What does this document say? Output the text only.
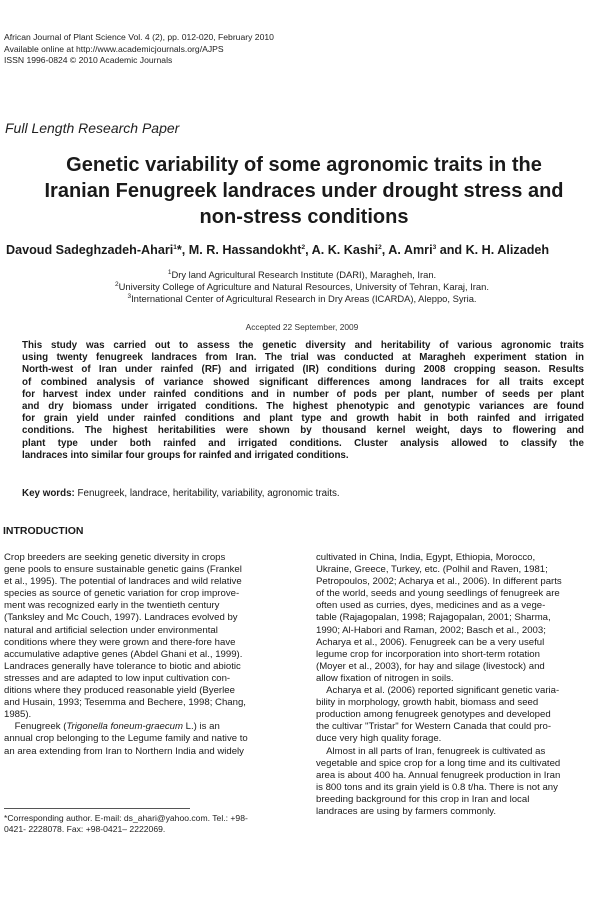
African Journal of Plant Science Vol. 4 (2), pp. 012-020, February 2010
Available online at http://www.academicjournals.org/AJPS
ISSN 1996-0824 © 2010 Academic Journals
Full Length Research Paper
Genetic variability of some agronomic traits in the
Iranian Fenugreek landraces under drought stress and
non-stress conditions
Davoud Sadeghzadeh-Ahari$^1$*, M. R. Hassandokht$^2$, A. K. Kashi$^2$, A. Amri$^3$ and K. H. Alizadeh
$^1$Dry land Agricultural Research Institute (DARI), Maragheh, Iran.
$^2$University College of Agriculture and Natural Resources, University of Tehran, Karaj, Iran.
$^3$International Center of Agricultural Research in Dry Areas (ICARDA), Aleppo, Syria.
Accepted 22 September, 2009
This study was carried out to assess the genetic diversity and heritability of various agronomic traits
using twenty fenugreek landraces from Iran. The trial was conducted at Maragheh experiment station in
North-west of Iran under rainfed (RF) and irrigated (IR) conditions during 2008 cropping season. Results
of combined analysis of variance showed significant differences among landraces for all traits except
for harvest index under rainfed conditions and in number of pods per plant, number of seeds per plant
and dry biomass under irrigated conditions. The highest phenotypic and genotypic variances are found
for grain yield under rainfed conditions and plant type and growth habit in both rainfed and irrigated
conditions. The highest heritabilities were shown by thousand kernel weight, days to flowering and
plant type under both rainfed and irrigated conditions. Cluster analysis allowed to classify the
landraces into similar four groups for rainfed and irrigated conditions.
Key words: Fenugreek, landrace, heritability, variability, agronomic traits.
INTRODUCTION
Crop breeders are seeking genetic diversity in crops
gene pools to ensure sustainable genetic gains (Frankel
et al., 1995). The potential of landraces and wild relative
species as source of genetic variation for crop improve-
ment was recognized early in the twentieth century
(Tanksley and Mc Couch, 1997). Landraces evolved by
natural and artificial selection under environmental
conditions where they were grown and there-fore have
accumulative adaptive genes (Abdel Ghani et al., 1999).
Landraces generally have tolerance to biotic and abiotic
stresses and are adapted to low input cultivation con-
ditions where they produced reasonable yield (Byerlee
and Husain, 1993; Tesemma and Bechere, 1998; Chang,
1985).
Fenugreek (Trigonella foneum-graecum L.) is an
annual crop belonging to the Legume family and native to
an area extending from Iran to Northern India and widely
cultivated in China, India, Egypt, Ethiopia, Morocco,
Ukraine, Greece, Turkey, etc. (Polhil and Raven, 1981;
Petropoulos, 2002; Acharya et al., 2006). In different parts
of the world, seeds and young seedlings of fenugreek are
often used as curries, dyes, medicines and as a vege-
table (Rajagopalan, 1998; Rajagopalan, 2001; Sharma,
1990; Al-Habori and Raman, 2002; Basch et al., 2003;
Acharya et al., 2006). Fenugreek can be a very useful
legume crop for incorporation into short-term rotation
(Moyer et al., 2003), for hay and silage (livestock) and
allow fixation of nitrogen in soils.
Acharya et al. (2006) reported significant genetic varia-
bility in morphology, growth habit, biomass and seed
production among fenugreek genotypes and developed
the cultivar "Tristar" for Western Canada that could pro-
duce very high quality forage.
Almost in all parts of Iran, fenugreek is cultivated as
vegetable and spice crop for a long time and its cultivated
area is about 400 ha. Annual fenugreek production in Iran
is 800 tons and its grain yield is 0.8 t/ha. There is not any
breeding background for this crop in Iran and local
landraces are using by farmers commonly.
*Corresponding author. E-mail: ds_ahari@yahoo.com. Tel.: +98-
0421- 2228078. Fax: +98-0421– 2222069.
